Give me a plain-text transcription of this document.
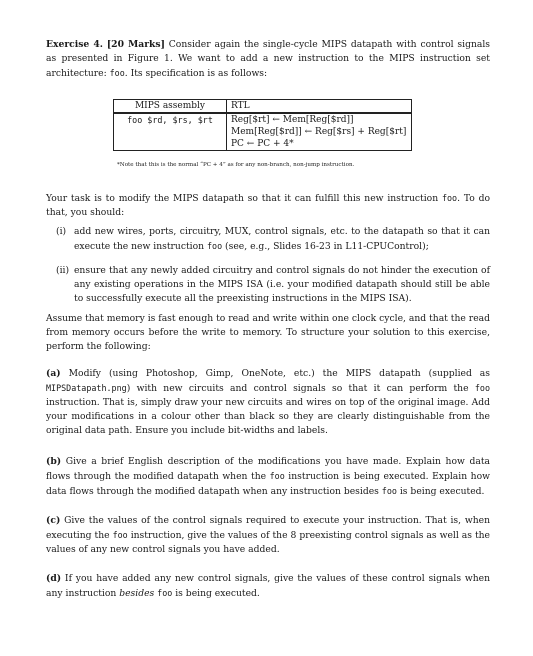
Exercise 4. [20 Marks] Consider again the single-cycle MIPS datapath with control signals as presented in Figure 1. We want to add a new instruction to the MIPS instruction set architecture: foo. Its specification is as follows:

MIPS assembly	RTL
foo $rd, $rs, $rt	Reg[$rt] ← Mem[Reg[$rd]]
Mem[Reg[$rd]] ← Reg[$rs] + Reg[$rt]
PC ← PC + 4*

*Note that this is the normal “PC + 4” as for any non-branch, non-jump instruction.

Your task is to modify the MIPS datapath so that it can fulfill this new instruction foo. To do that, you should:

(i) add new wires, ports, circuitry, MUX, control signals, etc. to the datapath so that it can execute the new instruction foo (see, e.g., Slides 16-23 in L11-CPUControl);
(ii) ensure that any newly added circuitry and control signals do not hinder the execution of any existing operations in the MIPS ISA (i.e. your modified datapath should still be able to successfully execute all the preexisting instructions in the MIPS ISA).

Assume that memory is fast enough to read and write within one clock cycle, and that the read from memory occurs before the write to memory. To structure your solution to this exercise, perform the following:

(a) Modify (using Photoshop, Gimp, OneNote, etc.) the MIPS datapath (supplied as MIPSDatapath.png) with new circuits and control signals so that it can perform the foo instruction. That is, simply draw your new circuits and wires on top of the original image. Add your modifications in a colour other than black so they are clearly distinguishable from the original data path. Ensure you include bit-widths and labels.

(b) Give a brief English description of the modifications you have made. Explain how data flows through the modified datapath when the foo instruction is being executed. Explain how data flows through the modified datapath when any instruction besides foo is being executed.

(c) Give the values of the control signals required to execute your instruction. That is, when executing the foo instruction, give the values of the 8 preexisting control signals as well as the values of any new control signals you have added.

(d) If you have added any new control signals, give the values of these control signals when any instruction besides foo is being executed.
